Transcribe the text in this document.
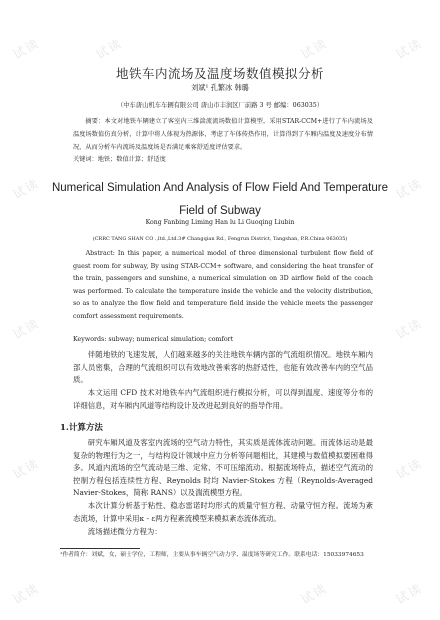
试读	试读	试读	试读
试读	试读
试读	试读
试读	试读
试读	试读	试读
地铁车内流场及温度场数值模拟分析
刘斌¹ 孔繁冰 韩璐
（中车唐山机车车辆有限公司 唐山市丰润区厂前路 3 号 邮编：063035）
摘要：本文对地铁车辆建立了客室内三维湍流流场数值计算模型，采用STAR-CCM+进行了车内流场及温度场数值仿真分析，计算中将人体视为热源体，考虑了车体传热作用，计算得到了车厢内温度及速度分布情况，从而分析车内流场及温度场是否满足乘客舒适度评估要求。
关键词：地铁；数值计算；舒适度
Numerical Simulation And Analysis of Flow Field And Temperature
Field of Subway
Kong Fanbing Liming Han lu Li Guoqing Liubin
(CRRC TANG SHAN CO .,ltd.,Ltd.3# Changqian Rd., Fengrun District, Tangshan, P.R.China 063035)
Abstract: In this paper, a numerical model of three dimensional turbulent flow field of guest room for subway, By using STAR-CCM+ software, and considering the heat transfer of the train, passengers and sunshine, a numerical simulation on 3D airflow field of the coach was performed. To calculate the temperature inside the vehicle and the velocity distribution, so as to analyze the flow field and temperature field inside the vehicle meets the passenger comfort assessment requirements.
Keywords: subway; numerical simulation; comfort
伴随地铁的飞速发展，人们越来越多的关注地铁车辆内部的气流组织情况。地铁车厢内部人员密集，合理的气流组织可以有效地改善乘客的热舒适性，也能有效改善车内的空气品质。
本文运用 CFD 技术对地铁车内气流组织进行模拟分析，可以得到温度、速度等分布的详细信息，对车厢内风道等结构设计及改进起到良好的指导作用。
1.计算方法
研究车厢风道及客室内流场的空气动力特性，其实质是流体流动问题。而流体运动是最复杂的物理行为之一，与结构设计领域中应力分析等问题相比，其建模与数值模拟要困难得多。风道内流场的空气流动是三维、定常、不可压缩流动。根据流场特点，描述空气流动的控制方程包括连续性方程、Reynolds 时均 Navier-Stokes 方程（Reynolds-Averaged Navier-Stokes，简称 RANS）以及湍流模型方程。
本次计算分析基于粘性、稳态雷诺时均形式的质量守恒方程、动量守恒方程。流场为紊态流场，计算中采用κ - ε两方程紊流模型来模拟紊态流体流动。
流场描述微分方程为：
¹作者简介：刘斌，女，硕士学位，工程师，主要从事车辆空气动力学、温度场等研究工作。联系电话：15033974653
